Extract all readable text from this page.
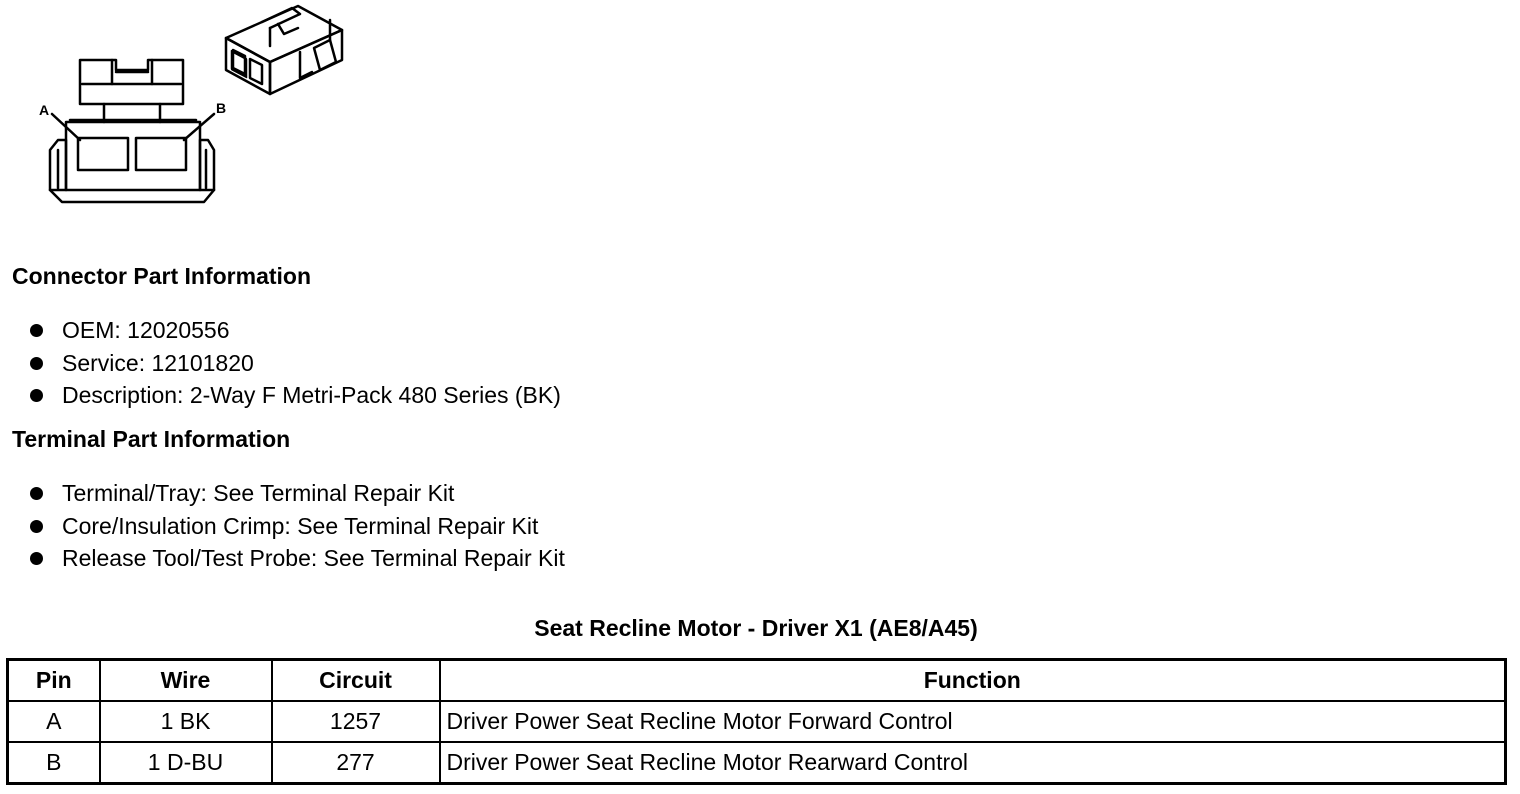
A	B
Connector Part Information
OEM: 12020556
Service: 12101820
Description: 2-Way F Metri-Pack 480 Series (BK)
Terminal Part Information
Terminal/Tray: See Terminal Repair Kit
Core/Insulation Crimp: See Terminal Repair Kit
Release Tool/Test Probe: See Terminal Repair Kit
Seat Recline Motor - Driver X1 (AE8/A45)
Pin	Wire	Circuit	Function
A	1 BK	1257	Driver Power Seat Recline Motor Forward Control
B	1 D-BU	277	Driver Power Seat Recline Motor Rearward Control
